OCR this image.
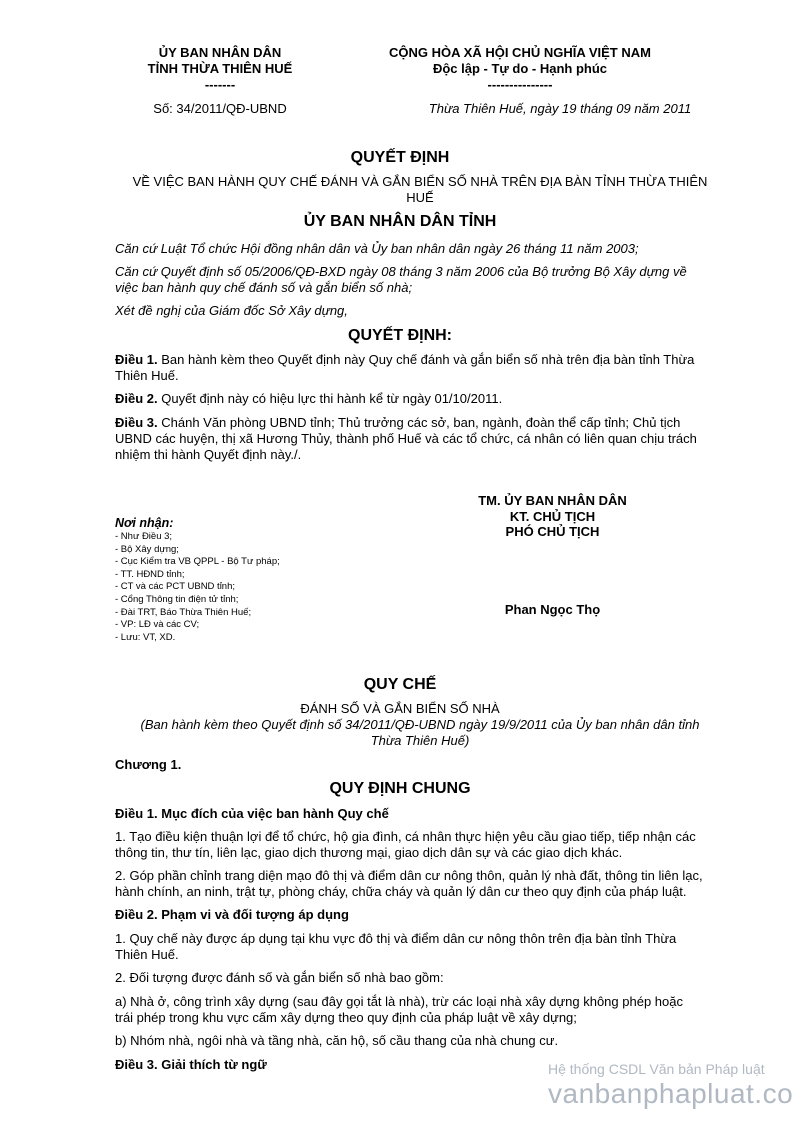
ỦY BAN NHÂN DÂN
TỈNH THỪA THIÊN HUẾ
-------
CỘNG HÒA XÃ HỘI CHỦ NGHĨA VIỆT NAM
Độc lập - Tự do - Hạnh phúc
---------------
Số: 34/2011/QĐ-UBND	Thừa Thiên Huế, ngày 19 tháng 09 năm 2011
QUYẾT ĐỊNH
VỀ VIỆC BAN HÀNH QUY CHẾ ĐÁNH VÀ GẮN BIỂN SỐ NHÀ TRÊN ĐỊA BÀN TỈNH THỪA THIÊN
HUẾ
ỦY BAN NHÂN DÂN TỈNH
Căn cứ Luật Tổ chức Hội đồng nhân dân và Ủy ban nhân dân ngày 26 tháng 11 năm 2003;
Căn cứ Quyết định số 05/2006/QĐ-BXD ngày 08 tháng 3 năm 2006 của Bộ trưởng Bộ Xây dựng về
việc ban hành quy chế đánh số và gắn biển số nhà;
Xét đề nghị của Giám đốc Sở Xây dựng,
QUYẾT ĐỊNH:
Điều 1. Ban hành kèm theo Quyết định này Quy chế đánh và gắn biển số nhà trên địa bàn tỉnh Thừa
Thiên Huế.
Điều 2. Quyết định này có hiệu lực thi hành kể từ ngày 01/10/2011.
Điều 3. Chánh Văn phòng UBND tỉnh; Thủ trưởng các sở, ban, ngành, đoàn thể cấp tỉnh; Chủ tịch
UBND các huyện, thị xã Hương Thủy, thành phố Huế và các tổ chức, cá nhân có liên quan chịu trách
nhiệm thi hành Quyết định này./.
Nơi nhận:
- Như Điều 3;
- Bộ Xây dựng;
- Cục Kiểm tra VB QPPL - Bộ Tư pháp;
- TT. HĐND tỉnh;
- CT và các PCT UBND tỉnh;
- Cổng Thông tin điện tử tỉnh;
- Đài TRT, Báo Thừa Thiên Huế;
- VP: LĐ và các CV;
- Lưu: VT, XD.
TM. ỦY BAN NHÂN DÂN
KT. CHỦ TỊCH
PHÓ CHỦ TỊCH
Phan Ngọc Thọ
QUY CHẾ
ĐÁNH SỐ VÀ GẮN BIỂN SỐ NHÀ
(Ban hành kèm theo Quyết định số 34/2011/QĐ-UBND ngày 19/9/2011 của Ủy ban nhân dân tỉnh
Thừa Thiên Huế)
Chương 1.
QUY ĐỊNH CHUNG
Điều 1. Mục đích của việc ban hành Quy chế
1. Tạo điều kiện thuận lợi để tổ chức, hộ gia đình, cá nhân thực hiện yêu cầu giao tiếp, tiếp nhận các
thông tin, thư tín, liên lạc, giao dịch thương mại, giao dịch dân sự và các giao dịch khác.
2. Góp phần chỉnh trang diện mạo đô thị và điểm dân cư nông thôn, quản lý nhà đất, thông tin liên lạc,
hành chính, an ninh, trật tự, phòng cháy, chữa cháy và quản lý dân cư theo quy định của pháp luật.
Điều 2. Phạm vi và đối tượng áp dụng
1. Quy chế này được áp dụng tại khu vực đô thị và điểm dân cư nông thôn trên địa bàn tỉnh Thừa
Thiên Huế.
2. Đối tượng được đánh số và gắn biển số nhà bao gồm:
a) Nhà ở, công trình xây dựng (sau đây gọi tắt là nhà), trừ các loại nhà xây dựng không phép hoặc
trái phép trong khu vực cấm xây dựng theo quy định của pháp luật về xây dựng;
b) Nhóm nhà, ngôi nhà và tầng nhà, căn hộ, số cầu thang của nhà chung cư.
Điều 3. Giải thích từ ngữ	Hệ thống CSDL Văn bản Pháp luật
vanbanphapluat.co
